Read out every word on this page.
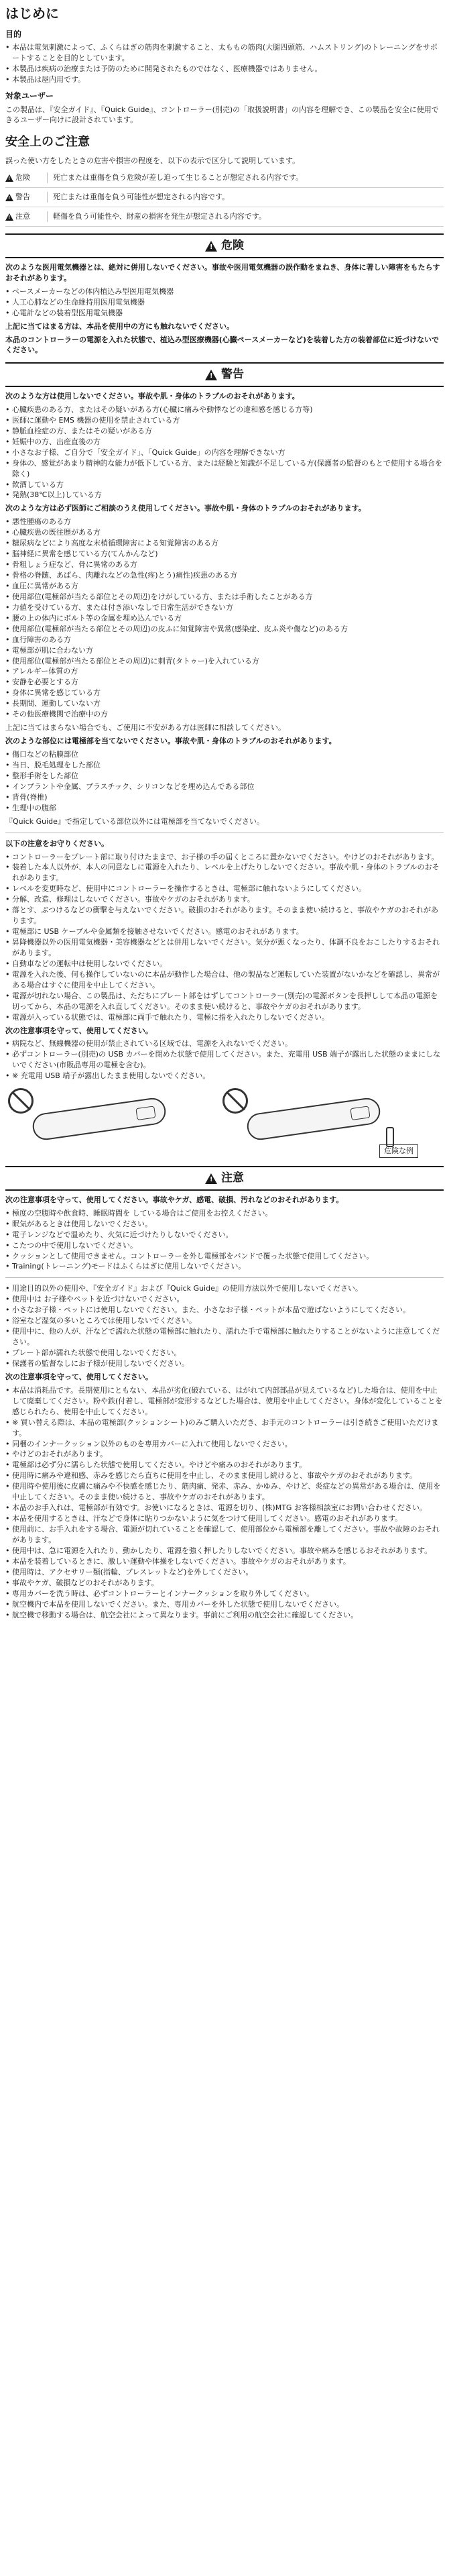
はじめに
目的
• 本品は電気刺激によって、ふくらはぎの筋肉を刺激すること、太ももの筋肉(大腿四頭筋、ハムストリング)のトレーニングをサポートすることを目的としています。
• 本製品は疾病の治療または予防のために開発されたものではなく、医療機器ではありません。
• 本製品は屋内用です。
対象ユーザー

この製品は、『安全ガイド』、『Quick Guide』、コントローラー(別売)の「取扱説明書」の内容を理解でき、この製品を安全に使用できるユーザー向けに設計されています。

安全上のご注意

誤った使い方をしたときの危害や損害の程度を、以下の表示で区分して説明しています。

!
危険	死亡または重傷を負う危険が差し迫って生じることが想定される内容です。
!
警告	死亡または重傷を負う可能性が想定される内容です。
!
注意	軽傷を負う可能性や、財産の損害を発生が想定される内容です。
!
危険

次のような医用電気機器とは、絶対に併用しないでください。事故や医用電気機器の誤作動をまねき、身体に著しい障害をもたらすおそれがあります。

• ペースメーカーなどの体内植込み型医用電気機器
• 人工心肺などの生命維持用医用電気機器
• 心電計などの装着型医用電気機器

上記に当てはまる方は、本品を使用中の方にも触れないでください。

本品のコントローラーの電源を入れた状態で、植込み型医療機器(心臓ペースメーカーなど)を装着した方の装着部位に近づけないでください。

!
警告

次のような方は使用しないでください。事故や肌・身体のトラブルのおそれがあります。

• 心臓疾患のある方、またはその疑いがある方(心臓に痛みや動悸などの違和感を感じる方等)
• 医師に運動や EMS 機器の使用を禁止されている方
• 静脈血栓症の方、またはその疑いがある方
• 妊娠中の方、出産直後の方
• 小さなお子様、ご自分で「安全ガイド」、「Quick Guide」の内容を理解できない方
• 身体の、感覚があまり精神的な能力が低下している方、または経験と知識が不足している方(保護者の監督のもとで使用する場合を除く)
• 飲酒している方
• 発熱(38℃以上)している方

次のような方は必ず医師にご相談のうえ使用してください。事故や肌・身体のトラブルのおそれがあります。

• 悪性腫瘍のある方
• 心臓疾患の既往歴がある方
• 糖尿病などにより高度な末梢循環障害による知覚障害のある方
• 脳神経に異常を感じている方(てんかんなど)
• 骨粗しょう症など、骨に異常のある方
• 骨格の脊髄、あばら、肉離れなどの急性(疼)とう)痛性)疾患のある方
• 血圧に異常がある方
• 使用部位(電極部が当たる部位とその周辺)をけがしている方、または手術したことがある方
• 力値を受けている方、または付き添いなしで日常生活ができない方
• 腰の上の体内にボルト等の金属を埋め込んでいる方
• 使用部位(電極部が当たる部位とその周辺)の皮ふに知覚障害や異常(感染症、皮ふ炎や傷など)のある方
• 血行障害のある方
• 電極部が肌に合わない方
• 使用部位(電極部が当たる部位とその周辺)に刺青(タトゥー)を入れている方
• アレルギー体質の方
• 安静を必要とする方
• 身体に異常を感じている方
• 長期間、運動していない方
• その他医療機関で治療中の方

上記に当てはまらない場合でも、ご使用に不安がある方は医師に相談してください。

次のような部位には電極部を当てないでください。事故や肌・身体のトラブルのおそれがあります。

• 傷口などの粘膜部位
• 当日、脱毛処理をした部位
• 整形手術をした部位
• インプラントや金属、プラスチック、シリコンなどを埋め込んである部位
• 背骨(脊椎)
• 生理中の腹部

『Quick Guide』で指定している部位以外には電極部を当てないでください。

以下の注意をお守りください。

• コントローラーをプレート部に取り付けたままで、お子様の手の届くところに置かないでください。やけどのおそれがあります。
• 装着した本人以外が、本人の同意なしに電源を入れたり、レベルを上げたりしないでください。事故や肌・身体のトラブルのおそれがあります。
• レベルを変更時など、使用中にコントローラーを操作するときは、電極部に触れないようにしてください。
• 分解、改造、修理はしないでください。事故やケガのおそれがあります。
• 落とす、ぶつけるなどの衝撃を与えないでください。破損のおそれがあります。そのまま使い続けると、事故やケガのおそれがあります。
• 電極部に USB ケーブルや金属類を接触させないでください。感電のおそれがあります。
• 昇降機器以外の医用電気機器・美容機器などとは併用しないでください。気分が悪くなったり、体調不良をおこしたりするおそれがあります。
• 自動車などの運転中は使用しないでください。
• 電源を入れた後、何も操作していないのに本品が動作した場合は、他の製品など運転していた装置がないかなどを確認し、異常がある場合はすぐに使用を中止してください。
• 電源が切れない場合、この製品は、ただちにプレート部をはずしてコントローラー(別売)の電源ボタンを長押しして本品の電源を切ってから、本品の電源を入れ直してください。そのまま使い続けると、事故やケガのおそれがあります。
• 電源が入っている状態では、電極部に両手で触れたり、電極に指を入れたりしないでください。

次の注意事項を守って、使用してください。

• 病院など、無線機器の使用が禁止されている区域では、電源を入れないでください。
• 必ずコントローラー(別売)の USB カバーを閉めた状態で使用してください。また、充電用 USB 端子が露出した状態のままにしないでください(市販品専用の電極を含む)。
• ※ 充電用 USB 端子が露出したまま使用しないでください。
危険な例
!
注意

次の注意事項を守って、使用してください。事故やケガ、感電、破損、汚れなどのおそれがあります。

• 極度の空腹時や飲食時、睡眠時間を している場合はご使用をお控えください。
• 眠気があるときは使用しないでください。
• 電子レンジなどで温めたり、火気に近づけたりしないでください。
• こたつの中で使用しないでください。
• クッションとして使用できません。コントローラーを外し電極部をバンドで覆った状態で使用してください。
• Training(トレーニング)モードはふくらはぎに使用しないでください。
• 用途目的以外の使用や、『安全ガイド』および『Quick Guide』の使用方法以外で使用しないでください。
• 使用中は お子様やペットを近づけないでください。
• 小さなお子様・ペットには使用しないでください。また、小さなお子様・ペットが本品で遊ばないようにしてください。
• 浴室など湿気の多いところでは使用しないでください。
• 使用中に、他の人が、汗などで濡れた状態の電極部に触れたり、濡れた手で電極部に触れたりすることがないように注意してください。
• プレート部が濡れた状態で使用しないでください。
• 保護者の監督なしにお子様が使用しないでください。

次の注意事項を守って、使用してください。

• 本品は消耗品です。長期使用にともない、本品が劣化(破れている、はがれて内部部品が見えているなど)した場合は、使用を中止して廃棄してください。粉や鉄(付着し、電極部が変形するなどした場合は、使用を中止してください。身体が変化していることを感じられたら、使用を中止してください。
• ※ 買い替える際は、本品の電極部(クッションシート)のみご購入いただき、お手元のコントローラーは引き続きご使用いただけます。
• 同梱のインナークッション以外のものを専用カバーに入れて使用しないでください。
• やけどのおそれがあります。
• 電極部は必ず分に濡らした状態で使用してください。やけどや痛みのおそれがあります。
• 使用時に痛みや違和感、赤みを感じたら直ちに使用を中止し、そのまま使用し続けると、事故やケガのおそれがあります。
• 使用時や使用後に皮膚に痛みや不快感を感じたり、筋肉痛、発赤、赤み、かゆみ、やけど、炎症などの異常がある場合は、使用を中止してください。そのまま使い続けると、事故やケガのおそれがあります。
• 本品のお手入れは、電極部が有効です。お使いになるときは、電源を切り、(株)MTG お客様相談室にお問い合わせください。
• 本品を使用するときは、汗などで身体に貼りつかないように気をつけて使用してください。感電のおそれがあります。
• 使用前に、お手入れをする場合、電源が切れていることを確認して、使用部位から電極部を離してください。事故や故障のおそれがあります。
• 使用中は、急に電源を入れたり、動かしたり、電源を強く押したりしないでください。事故や痛みを感じるおそれがあります。
• 本品を装着しているときに、激しい運動や体操をしないでください。事故やケガのおそれがあります。
• 使用時は、アクセサリー類(指輪、ブレスレットなど)を外してください。
• 事故やケガ、破損などのおそれがあります。
• 専用カバーを洗う時は、必ずコントローラーとインナークッションを取り外してください。
• 航空機内で本品を使用しないでください。また、専用カバーを外した状態で使用しないでください。
• 航空機で移動する場合は、航空会社によって異なります。事前にご利用の航空会社に確認してください。
